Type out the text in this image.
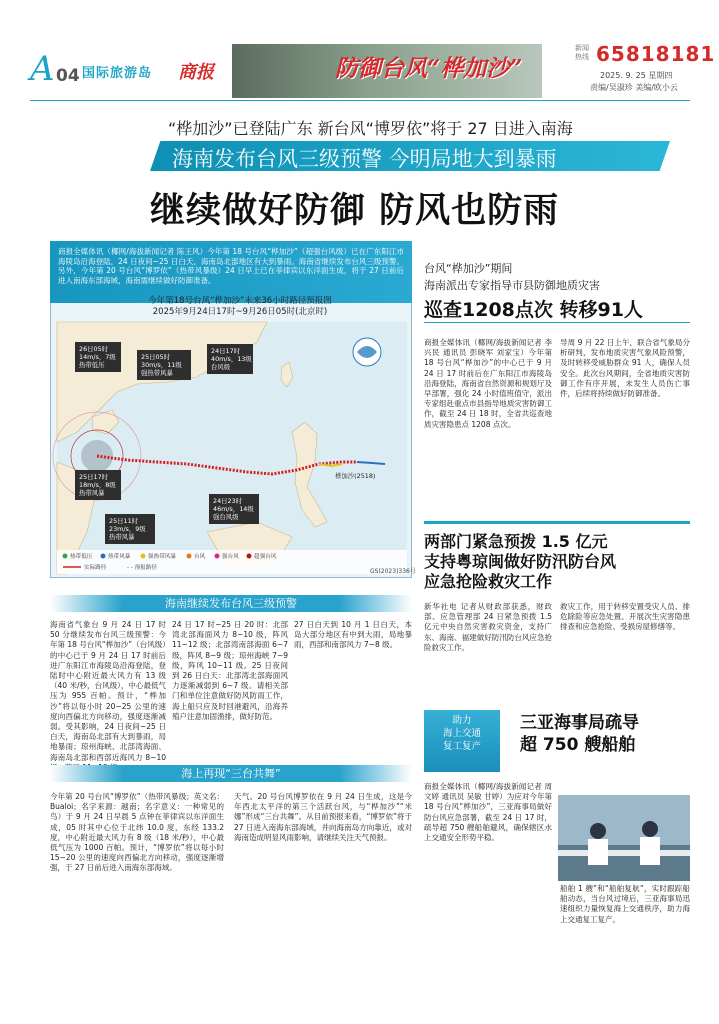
A 04 国际旅游岛 商报	防御台风“桦加沙”
新闻热线 65818181
2025. 9. 25 星期四
责编/吴淑珍 美编/欧小云
“桦加沙”已登陆广东 新台风“博罗依”将于 27 日进入南海
海南发布台风三级预警 今明局地大到暴雨
继续做好防御 防风也防雨
商报全媒体讯（椰网/海拔新闻记者 陈王风）今年第 18 号台风“桦加沙”（超强台风级）已在广东阳江市海陵岛沿海登陆，24 日夜间~25 日白天，海南岛北部地区有大到暴雨。海南省继续发布台风三级预警。另外，今年第 20 号台风“博罗依”（热带风暴级）24 日早上已在菲律宾以东洋面生成，将于 27 日前后进入南海东部海域，海南需继续做好防御准备。
今年第18号台风“桦加沙”未来36小时路径预报图
2025年9月24日17时~9月26日05时(北京时)
26日05时
14m/s，7级
热带低压
25日05时
30m/s，11级
强热带风暴
24日17时
40m/s，13级
台风级
25日17时
18m/s，8级
热带风暴
25日11时
23m/s，9级
热带风暴
24日23时
46m/s，14级
强台风级
桦加沙(2518)
热带低压	热带风暴	强热带风暴	台风	强台风	超强台风
实际路径	- - 预报路径	GS(2023)336号
海南继续发布台风三级预警
海南省气象台 9 月 24 日 17 时 50 分继续发布台风三级预警：今年第 18 号台风“桦加沙”（台风级）的中心已于 9 月 24 日 17 时前后进广东阳江市海陵岛沿海登陆，登陆时中心附近最大风力有 13 级（40 米/秒，台风级），中心最低气压为 955 百帕。预计，“桦加沙”将以每小时 20~25 公里的速度向西偏北方向移动，强度逐渐减弱。受其影响，24 日夜间~25 日白天，海南岛北部有大到暴雨，局地暴雨；琼州海峡、北部湾海面、海南岛北部和西部近海风力 8~10
24 日 17 时~25 日 20 时：北部湾北部海面风力 8~10 级，阵风 11~12 级；北部湾南部海面 6~7 级，阵风 8~9 级；琼州海峡 7~9 级，阵风 10~11 级。25 日夜间到 26 日白天：北部湾北部海面风力逐渐减弱到 6~7 级。请相关部门和单位注意做好防风防雨工作，海上船只应及时回港避风，沿海养殖户注意加固渔排，做好防范。
27 日白天到 10 月 1 日白天，本岛大部分地区有中到大雨，局地暴雨，西部和南部风力 7~8 级。
海上再现“三台共舞”
今年第 20 号台风“博罗依”（热带风暴级；英文名：Bualoi；名字来源：越南；名字意义：一种常见的鸟）于 9 月 24 日早晨 5 点钟在菲律宾以东洋面生成，05 时其中心位于北纬 10.0 度，东经 133.2 度，中心附近最大风力有 8 级（18 米/秒），中心最低气压为 1000 百帕。预计，“博罗依”将以每小时 15~20 公里的速度向西偏北方向移动，强度逐渐增强，于 27 日前后进入南海东部海域。
天气。20 号台风博罗依在 9 月 24 日生成，这是今年西北太平洋的第三个活跃台风，与“桦加沙”“米娜”形成“三台共舞”。从目前预报来看，“博罗依”将于 27 日进入南海东部海域，并向海南岛方向靠近，或对海南造成明显风雨影响，请继续关注天气预报。
台风“桦加沙”期间
海南派出专家指导市县防御地质灾害
巡查1208点次 转移91人
商报全媒体讯（椰网/海拔新闻记者 李兴民 通讯员 彭晓军 刘家宝）今年第 18 号台风“桦加沙”的中心已于 9 月 24 日 17 时前后在广东阳江市海陵岛沿海登陆，海南省自然资源和规划厅及早部署，强化 24 小时值班值守，派出专家组赴重点市县指导地质灾害防御工作，截至 24 日 18 时，全省共巡查地质灾害隐患点 1208 点次。
导周 9 月 22 日上午，联合省气象局分析研判，发布地质灾害气象风险预警，及时转移受威胁群众 91 人，确保人员安全。此次台风期间，全省地质灾害防御工作有序开展，未发生人员伤亡事件，后续将持续做好防御准备。
两部门紧急预拨 1.5 亿元
支持粤琼闽做好防汛防台风
应急抢险救灾工作
新华社电 记者从财政部获悉，财政部、应急管理部 24 日紧急预拨 1.5 亿元中央自然灾害救灾资金，支持广东、海南、福建做好防汛防台风应急抢险救灾工作。
救灾工作，用于转移安置受灾人员、排危除险等应急处置、开展次生灾害隐患排查和应急抢险、受损房屋修缮等。
助力
海上交通
复工复产
三亚海事局疏导
超 750 艘船舶
商报全媒体讯（椰网/海拔新闻记者 周文婷 通讯员 吴敏 甘婷）为应对今年第 18 号台风“桦加沙”，三亚海事局做好防台风应急部署，截至 24 日 17 时，疏导超 750 艘船舶避风，确保辖区水上交通安全形势平稳。
船舶 1 艘”和“船舶复航”，实时跟踪船舶动态，当台风过境后，三亚海事局迅速组织力量恢复海上交通秩序，助力海上交通复工复产。
